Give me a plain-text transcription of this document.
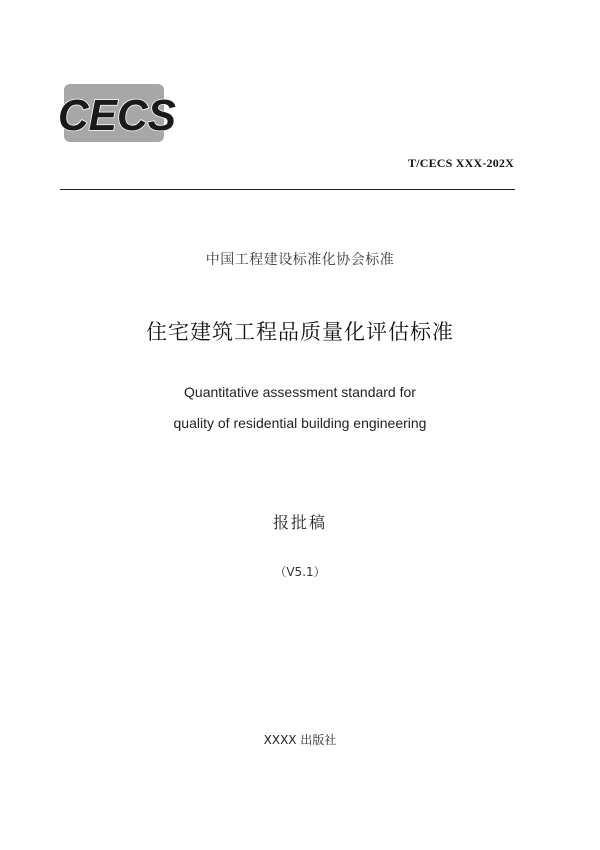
CECS
T/CECS XXX-202X
中国工程建设标准化协会标准
住宅建筑工程品质量化评估标准
Quantitative assessment standard for
quality of residential building engineering
报批稿
（V5.1）
XXXX 出版社
